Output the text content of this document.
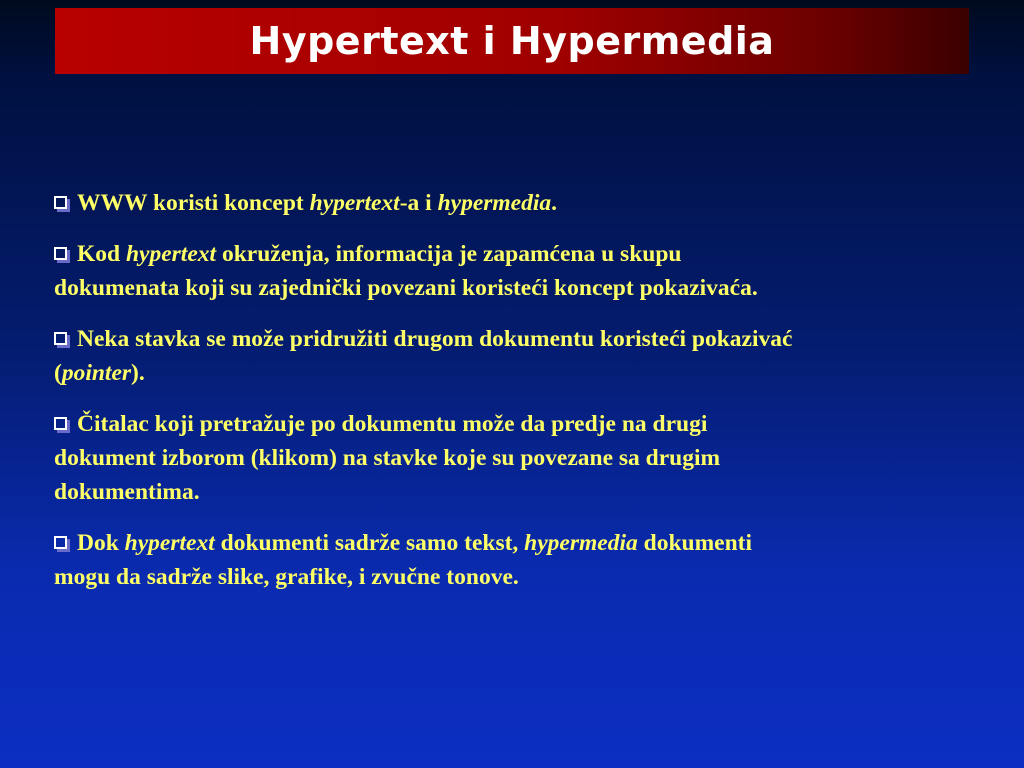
Hypertext i Hypermedia
WWW koristi koncept hypertext-a i hypermedia.
Kod hypertext okruženja, informacija je zapamćena u skupu
dokumenata koji su zajednički povezani koristeći koncept pokazivaća.
Neka stavka se može pridružiti drugom dokumentu koristeći pokazivać
(pointer).
Čitalac koji pretražuje po dokumentu može da predje na drugi
dokument izborom (klikom) na stavke koje su povezane sa drugim
dokumentima.
Dok hypertext dokumenti sadrže samo tekst, hypermedia dokumenti
mogu da sadrže slike, grafike, i zvučne tonove.
